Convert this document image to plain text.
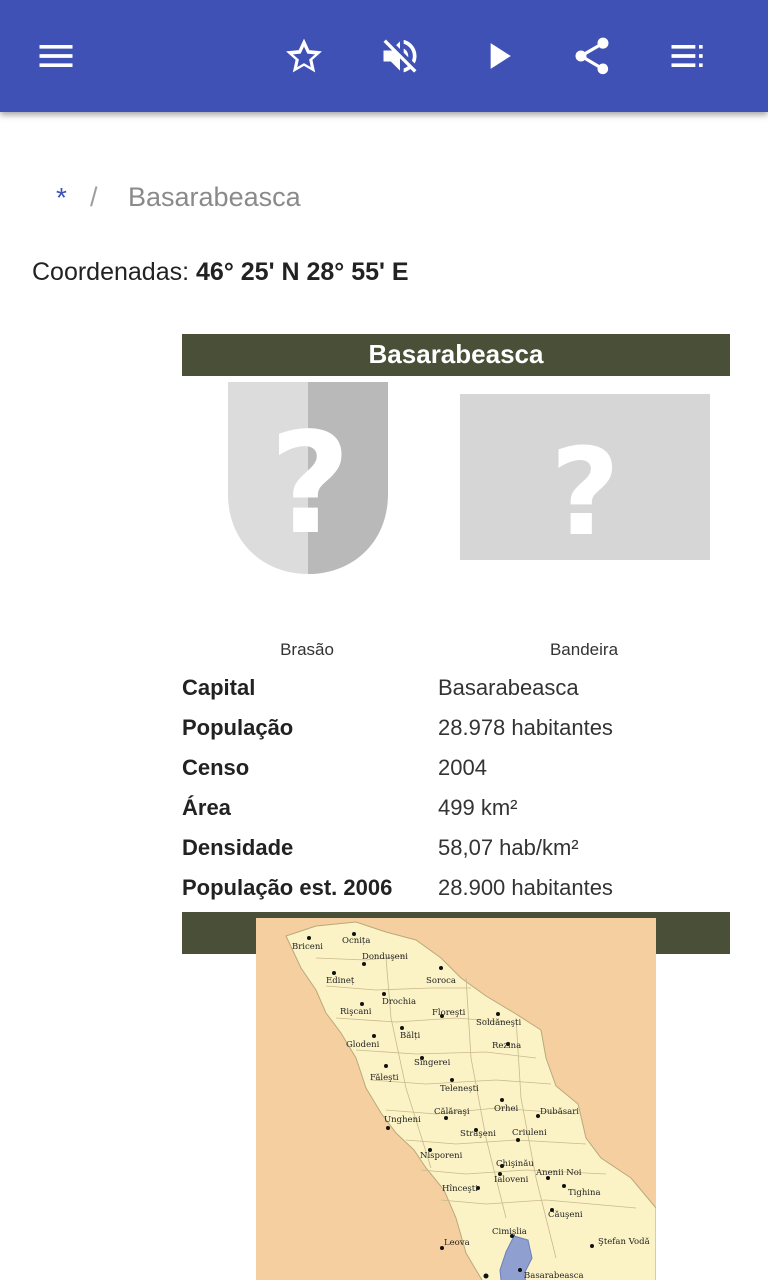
* / Basarabeasca
Coordenadas: 46° 25' N 28° 55' E
Basarabeasca
?
Brasão
?
Bandeira
Capital	Basarabeasca
População	28.978 habitantes
Censo	2004
Área	499 km²
Densidade	58,07 hab/km²
População est. 2006 28.900 habitantes
Briceni
Ocnița
Donduşeni
Edineț	Soroca
Drochia
Rişcani	Floreşti
Soldăneşti
Bălți
Glodeni	Rezina
Sîngerei
Făleşti
Telenești
Orhei
Călăraşi	Dubăsari
Ungheni
Străşeni Criuleni
Nisporeni
Chişinău
Anenii Noi
Ialoveni
Hînceşti	Tighina
Căuşeni
Cimişlia
Leova	Ştefan Vodă
Basarabeasca
